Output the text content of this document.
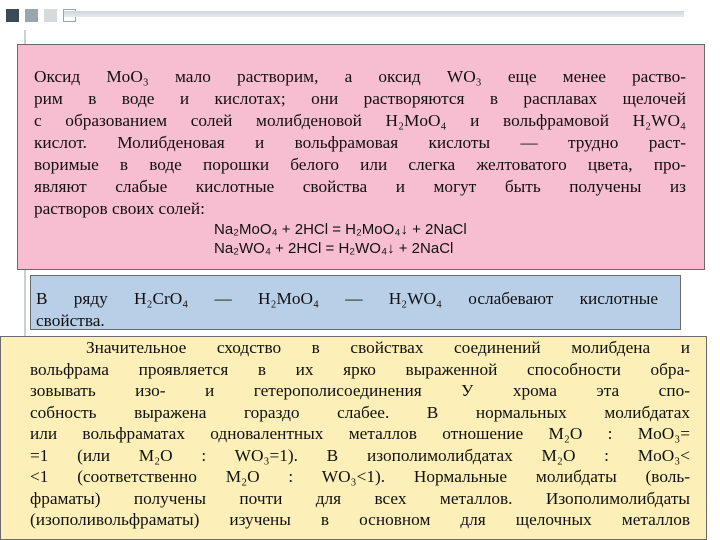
Оксид MoO₃ мало растворим, а оксид WO₃ еще менее раство-
рим в воде и кислотах; они растворяются в расплавах щелочей
с образованием солей молибденовой H₂MoO₄ и вольфрамовой H₂WO₄
кислот. Молибденовая и вольфрамовая кислоты — трудно раст-
воримые в воде порошки белого или слегка желтоватого цвета, про-
являют слабые кислотные свойства и могут быть получены из
растворов своих солей:
Na₂MoO₄ + 2HCl = H₂MoO₄↓ + 2NaCl
Na₂WO₄ + 2HCl = H₂WO₄↓ + 2NaCl
В ряду H₂CrO₄ — H₂MoO₄ — H₂WO₄ ослабевают кислотные
свойства.
Значительное сходство в свойствах соединений молибдена и
вольфрама проявляется в их ярко выраженной способности обра-
зовывать изо- и гетерополисоединения У хрома эта спо-
собность выражена гораздо слабее. В нормальных молибдатах
или вольфраматах одновалентных металлов отношение M₂O : MoO₃=
=1 (или M₂O : WO₃=1). В изополимолибдатах M₂O : MoO₃<
<1 (соответственно M₂O : WO₃<1). Нормальные молибдаты (воль-
фраматы) получены почти для всех металлов. Изополимолибдаты
(изополивольфраматы) изучены в основном для щелочных металлов
